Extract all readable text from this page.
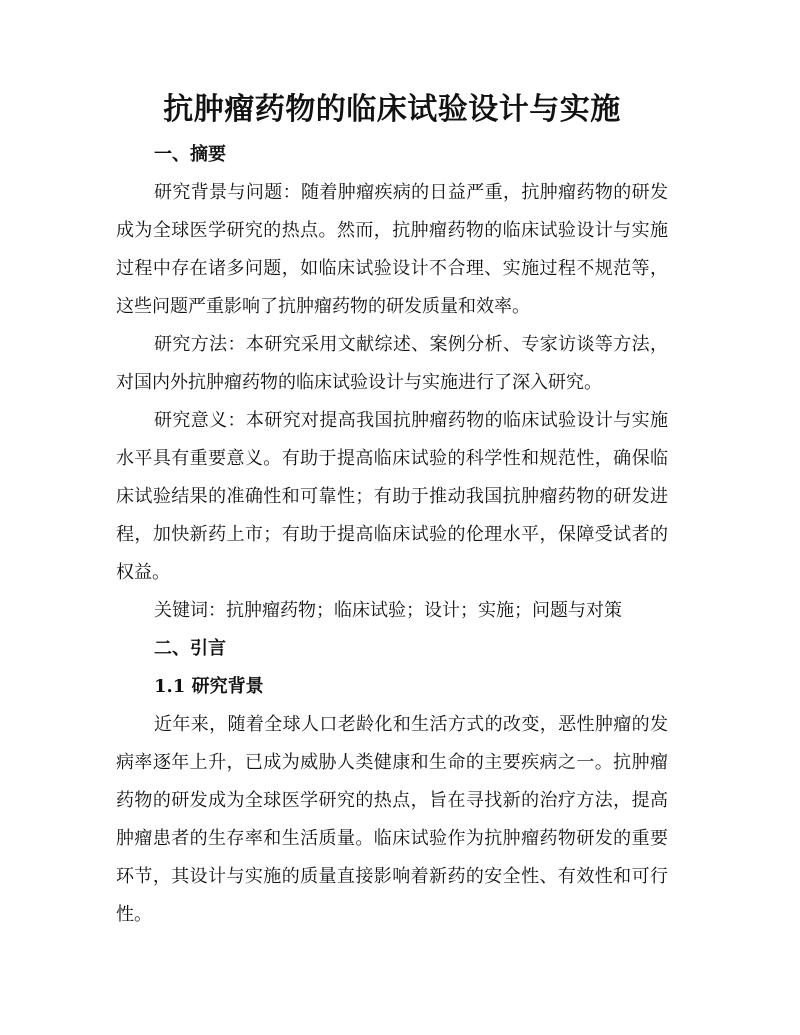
抗肿瘤药物的临床试验设计与实施
一、摘要

研究背景与问题：随着肿瘤疾病的日益严重，抗肿瘤药物的研发成为全球医学研究的热点。然而，抗肿瘤药物的临床试验设计与实施过程中存在诸多问题，如临床试验设计不合理、实施过程不规范等，这些问题严重影响了抗肿瘤药物的研发质量和效率。

研究方法：本研究采用文献综述、案例分析、专家访谈等方法，对国内外抗肿瘤药物的临床试验设计与实施进行了深入研究。

研究意义：本研究对提高我国抗肿瘤药物的临床试验设计与实施水平具有重要意义。有助于提高临床试验的科学性和规范性，确保临床试验结果的准确性和可靠性；有助于推动我国抗肿瘤药物的研发进程，加快新药上市；有助于提高临床试验的伦理水平，保障受试者的权益。

关键词：抗肿瘤药物；临床试验；设计；实施；问题与对策

二、引言
1.1 研究背景

近年来，随着全球人口老龄化和生活方式的改变，恶性肿瘤的发病率逐年上升，已成为威胁人类健康和生命的主要疾病之一。抗肿瘤药物的研发成为全球医学研究的热点，旨在寻找新的治疗方法，提高肿瘤患者的生存率和生活质量。临床试验作为抗肿瘤药物研发的重要环节，其设计与实施的质量直接影响着新药的安全性、有效性和可行性。
